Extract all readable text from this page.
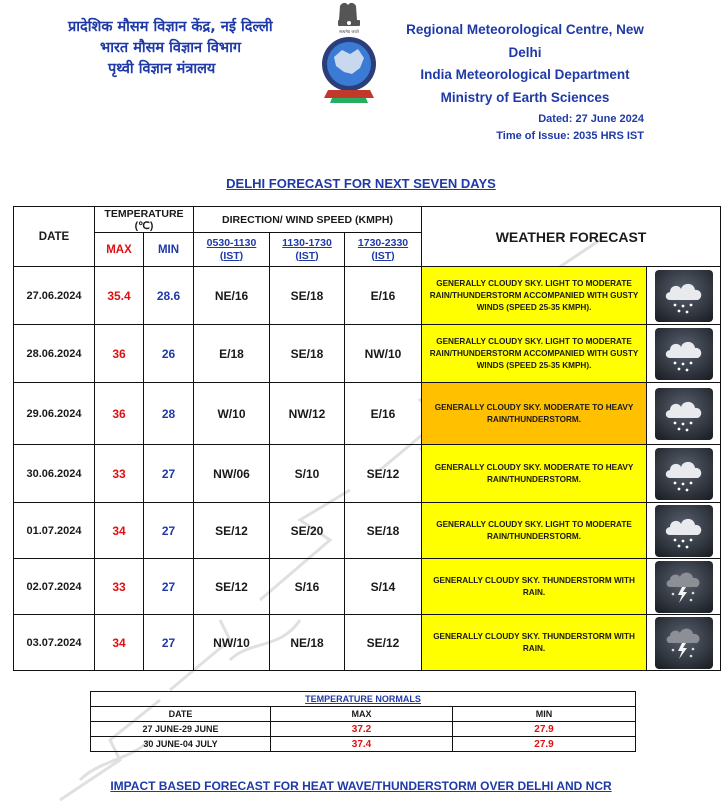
प्रादेशिक मौसम विज्ञान केंद्र, नई दिल्ली
भारत मौसम विज्ञान विभाग
पृथ्वी विज्ञान मंत्रालय
सत्यमेव जयते	Regional Meteorological Centre, New Delhi
India Meteorological Department
Ministry of Earth Sciences
Dated: 27 June 2024
Time of Issue: 2035 HRS IST
DELHI FORECAST FOR NEXT SEVEN DAYS
DATE	TEMPERATURE (℃)		DIRECTION/ WIND SPEED (KMPH)			WEATHER FORECAST	
	MAX	MIN	0530-1130 (IST)	1130-1730 (IST)	1730-2330 (IST)		

27.06.2024	35.4	28.6	NE/16	SE/18	E/16	GENERALLY CLOUDY SKY. LIGHT TO MODERATE RAIN/THUNDERSTORM ACCOMPANIED WITH GUSTY WINDS (SPEED 25-35 KMPH).	

28.06.2024	36	26	E/18	SE/18	NW/10	GENERALLY CLOUDY SKY. LIGHT TO MODERATE RAIN/THUNDERSTORM ACCOMPANIED WITH GUSTY WINDS (SPEED 25-35 KMPH).	

29.06.2024	36	28	W/10	NW/12	E/16	GENERALLY CLOUDY SKY. MODERATE TO HEAVY RAIN/THUNDERSTORM.	

30.06.2024	33	27	NW/06	S/10	SE/12	GENERALLY CLOUDY SKY. MODERATE TO HEAVY RAIN/THUNDERSTORM.	

01.07.2024	34	27	SE/12	SE/20	SE/18	GENERALLY CLOUDY SKY. LIGHT TO MODERATE RAIN/THUNDERSTORM.	

02.07.2024	33	27	SE/12	S/16	S/14	GENERALLY CLOUDY SKY. THUNDERSTORM WITH RAIN.	

03.07.2024	34	27	NW/10	NE/18	SE/12	GENERALLY CLOUDY SKY. THUNDERSTORM WITH RAIN.	
TEMPERATURE NORMALS		
DATE	MAX	MIN
27 JUNE-29 JUNE	37.2	27.9
30 JUNE-04 JULY	37.4	27.9
IMPACT BASED FORECAST FOR HEAT WAVE/THUNDERSTORM OVER DELHI AND NCR
